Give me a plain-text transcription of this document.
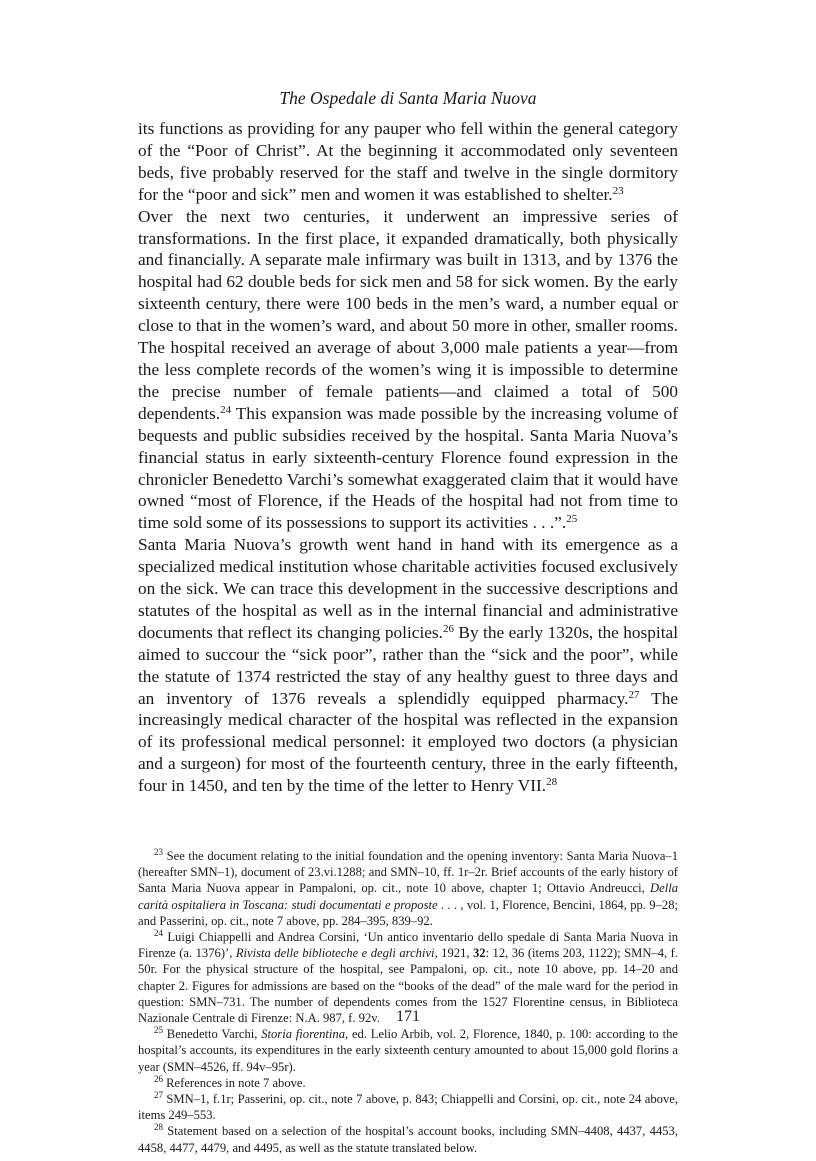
The Ospedale di Santa Maria Nuova

its functions as providing for any pauper who fell within the general category of the “Poor of Christ”. At the beginning it accommodated only seventeen beds, five probably reserved for the staff and twelve in the single dormitory for the “poor and sick” men and women it was established to shelter.$^{23}$

Over the next two centuries, it underwent an impressive series of transformations. In the first place, it expanded dramatically, both physically and financially. A separate male infirmary was built in 1313, and by 1376 the hospital had 62 double beds for sick men and 58 for sick women. By the early sixteenth century, there were 100 beds in the men’s ward, a number equal or close to that in the women’s ward, and about 50 more in other, smaller rooms. The hospital received an average of about 3,000 male patients a year—from the less complete records of the women’s wing it is impossible to determine the precise number of female patients—and claimed a total of 500 dependents.$^{24}$ This expansion was made possible by the increasing volume of bequests and public subsidies received by the hospital. Santa Maria Nuova’s financial status in early sixteenth-century Florence found expression in the chronicler Benedetto Varchi’s somewhat exaggerated claim that it would have owned “most of Florence, if the Heads of the hospital had not from time to time sold some of its possessions to support its activities . . .”.$^{25}$

Santa Maria Nuova’s growth went hand in hand with its emergence as a specialized medical institution whose charitable activities focused exclusively on the sick. We can trace this development in the successive descriptions and statutes of the hospital as well as in the internal financial and administrative documents that reflect its changing policies.$^{26}$ By the early 1320s, the hospital aimed to succour the “sick poor”, rather than the “sick and the poor”, while the statute of 1374 restricted the stay of any healthy guest to three days and an inventory of 1376 reveals a splendidly equipped pharmacy.$^{27}$ The increasingly medical character of the hospital was reflected in the expansion of its professional medical personnel: it employed two doctors (a physician and a surgeon) for most of the fourteenth century, three in the early fifteenth, four in 1450, and ten by the time of the letter to Henry VII.$^{28}$

$^{23}$ See the document relating to the initial foundation and the opening inventory: Santa Maria Nuova–1 (hereafter SMN–1), document of 23.vi.1288; and SMN–10, ff. 1r–2r. Brief accounts of the early history of Santa Maria Nuova appear in Pampaloni, op. cit., note 10 above, chapter 1; Ottavio Andreucci, Della carità ospitaliera in Toscana: studi documentati e proposte . . . , vol. 1, Florence, Bencini, 1864, pp. 9–28; and Passerini, op. cit., note 7 above, pp. 284–395, 839–92.

$^{24}$ Luigi Chiappelli and Andrea Corsini, ‘Un antico inventario dello spedale di Santa Maria Nuova in Firenze (a. 1376)’, Rivista delle biblioteche e degli archivi, 1921, 32: 12, 36 (items 203, 1122); SMN–4, f. 50r. For the physical structure of the hospital, see Pampaloni, op. cit., note 10 above, pp. 14–20 and chapter 2. Figures for admissions are based on the “books of the dead” of the male ward for the period in question: SMN–731. The number of dependents comes from the 1527 Florentine census, in Biblioteca Nazionale Centrale di Firenze: N.A. 987, f. 92v.

$^{25}$ Benedetto Varchi, Storia fiorentina, ed. Lelio Arbib, vol. 2, Florence, 1840, p. 100: according to the hospital’s accounts, its expenditures in the early sixteenth century amounted to about 15,000 gold florins a year (SMN–4526, ff. 94v–95r).

$^{26}$ References in note 7 above.

$^{27}$ SMN–1, f.1r; Passerini, op. cit., note 7 above, p. 843; Chiappelli and Corsini, op. cit., note 24 above, items 249–553.

$^{28}$ Statement based on a selection of the hospital’s account books, including SMN–4408, 4437, 4453, 4458, 4477, 4479, and 4495, as well as the statute translated below.

171
